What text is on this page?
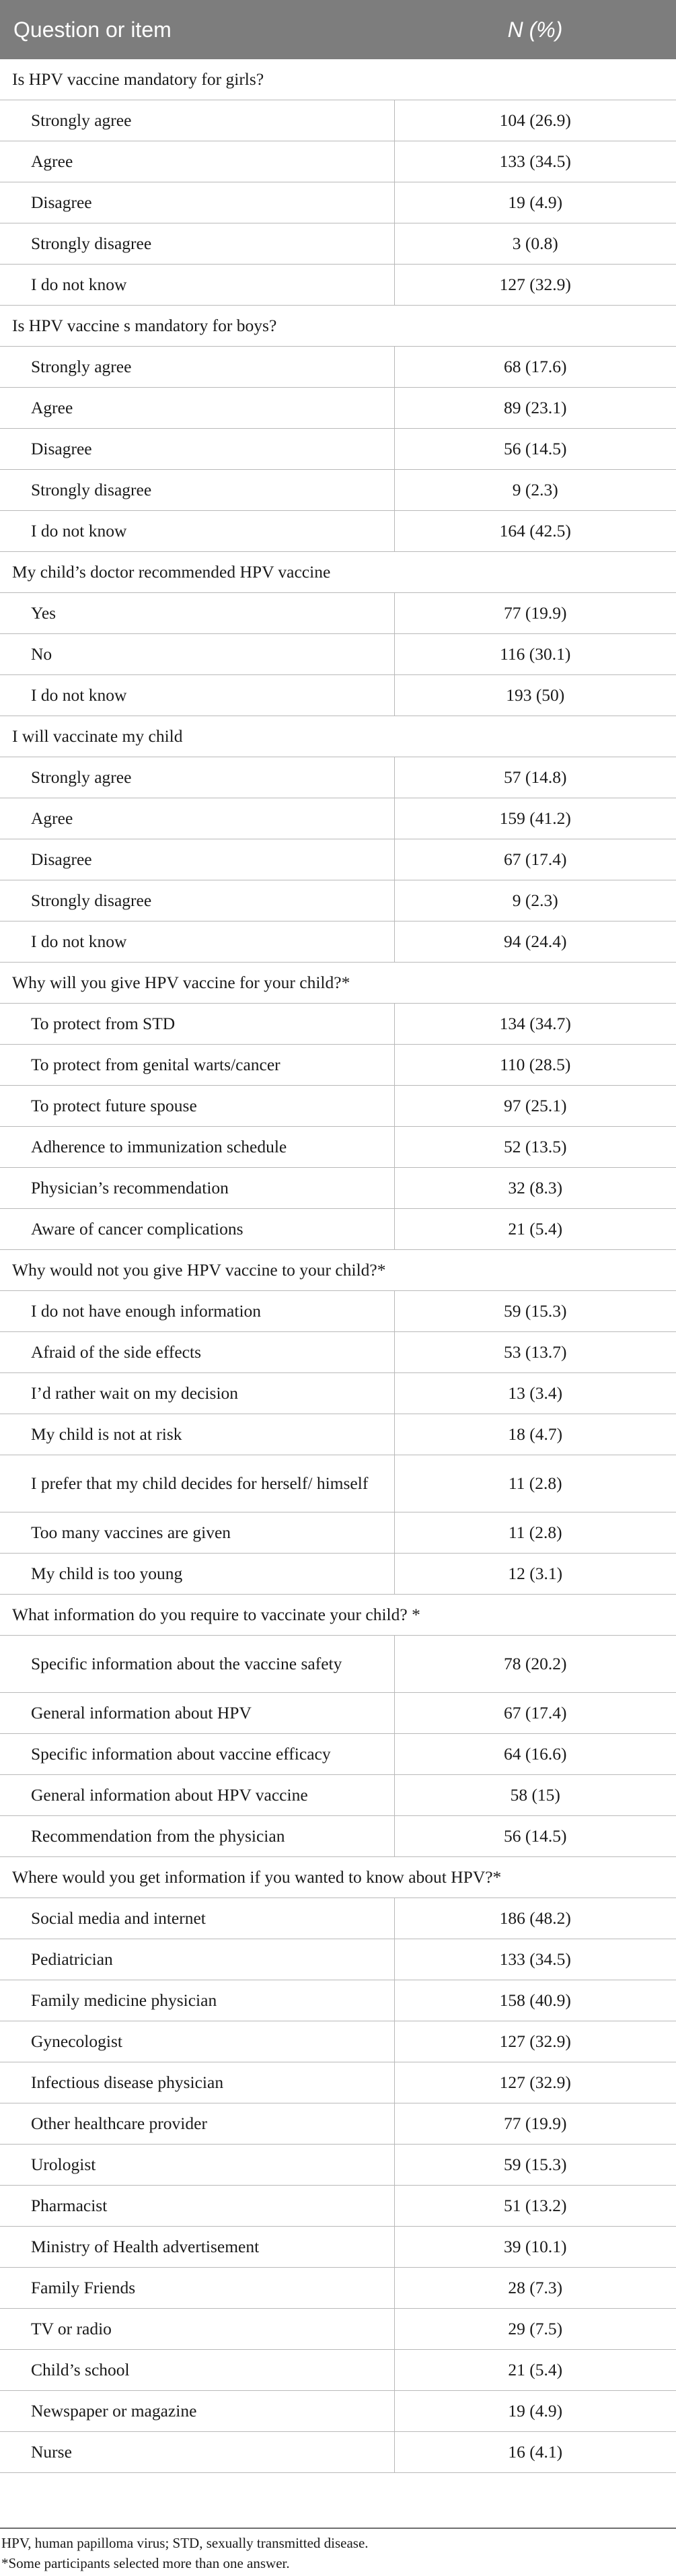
Question or item	N (%)
Is HPV vaccine mandatory for girls?	
Strongly agree	104 (26.9)
Agree	133 (34.5)
Disagree	19 (4.9)
Strongly disagree	3 (0.8)
I do not know	127 (32.9)
Is HPV vaccine s mandatory for boys?	
Strongly agree	68 (17.6)
Agree	89 (23.1)
Disagree	56 (14.5)
Strongly disagree	9 (2.3)
I do not know	164 (42.5)
My child’s doctor recommended HPV vaccine	
Yes	77 (19.9)
No	116 (30.1)
I do not know	193 (50)
I will vaccinate my child	
Strongly agree	57 (14.8)
Agree	159 (41.2)
Disagree	67 (17.4)
Strongly disagree	9 (2.3)
I do not know	94 (24.4)
Why will you give HPV vaccine for your child?*	
To protect from STD	134 (34.7)
To protect from genital warts/cancer	110 (28.5)
To protect future spouse	97 (25.1)
Adherence to immunization schedule	52 (13.5)
Physician’s recommendation	32 (8.3)
Aware of cancer complications	21 (5.4)
Why would not you give HPV vaccine to your child?*	
I do not have enough information	59 (15.3)
Afraid of the side effects	53 (13.7)
I’d rather wait on my decision	13 (3.4)
My child is not at risk	18 (4.7)
I prefer that my child decides for herself/ himself	11 (2.8)
Too many vaccines are given	11 (2.8)
My child is too young	12 (3.1)
What information do you require to vaccinate your child? *	
Specific information about the vaccine safety	78 (20.2)
General information about HPV	67 (17.4)
Specific information about vaccine efficacy	64 (16.6)
General information about HPV vaccine	58 (15)
Recommendation from the physician	56 (14.5)
Where would you get information if you wanted to know about HPV?*	
Social media and internet	186 (48.2)
Pediatrician	133 (34.5)
Family medicine physician	158 (40.9)
Gynecologist	127 (32.9)
Infectious disease physician	127 (32.9)
Other healthcare provider	77 (19.9)
Urologist	59 (15.3)
Pharmacist	51 (13.2)
Ministry of Health advertisement	39 (10.1)
Family Friends	28 (7.3)
TV or radio	29 (7.5)
Child’s school	21 (5.4)
Newspaper or magazine	19 (4.9)
Nurse	16 (4.1)
HPV, human papilloma virus; STD, sexually transmitted disease.
*Some participants selected more than one answer.
